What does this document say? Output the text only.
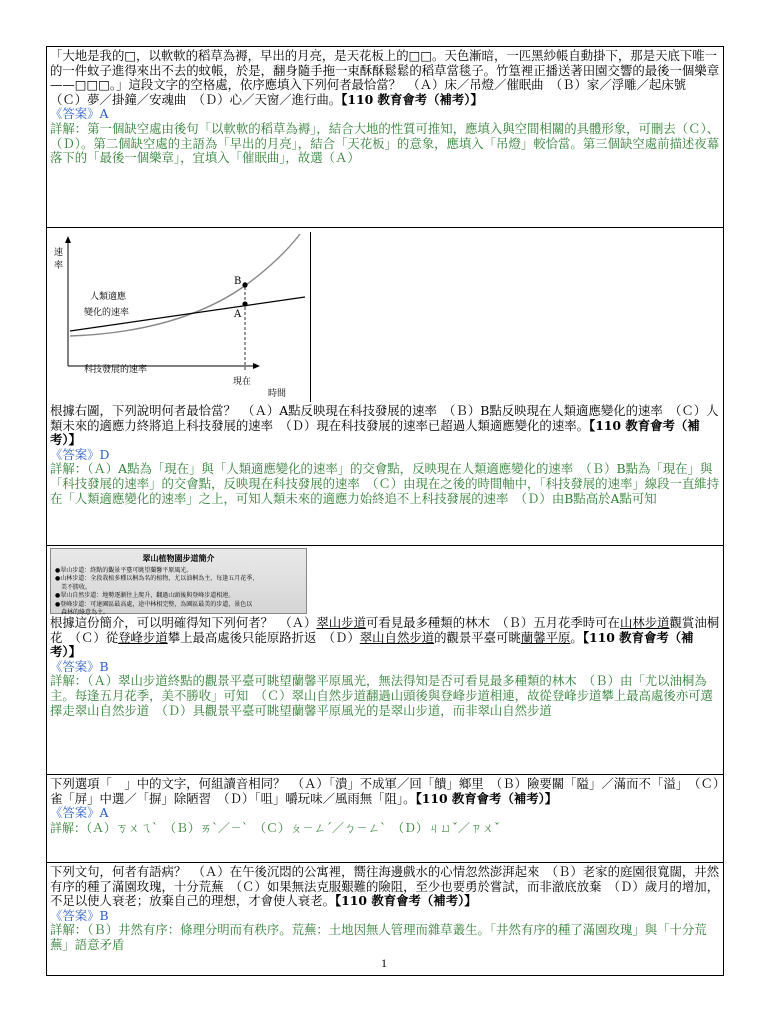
「大地是我的□，以軟軟的稻草為褥，早出的月亮，是天花板上的□□。天色漸暗，一匹黑紗帳自動掛下，那是天底下唯一的一件蚊子進得來出不去的蚊帳，於是，翻身隨手拖一束酥酥鬆鬆的稻草當毯子。竹篁裡正播送著田園交響的最後一個樂章——□□□。」這段文字的空格處，依序應填入下列何者最恰當？　（Ａ）床／吊燈／催眠曲　（Ｂ）家／浮雕／起床號　（Ｃ）夢／掛鐘／安魂曲　（Ｄ）心／天窗／進行曲。【110 教育會考（補考）】
《答案》A
詳解：第一個缺空處由後句「以軟軟的稻草為褥」，結合大地的性質可推知，應填入與空間相關的具體形象，可刪去（Ｃ）、（Ｄ）。第二個缺空處的主語為「早出的月亮」，結合「天花板」的意象，應填入「吊燈」較恰當。第三個缺空處前描述夜幕落下的「最後一個樂章」，宜填入「催眠曲」，故選（Ａ）
B
A
速
率
人類適應
變化的速率
科技發展的速率
時間
現在
根據右圖，下列說明何者最恰當？　（Ａ）A點反映現在科技發展的速率　（Ｂ）B點反映現在人類適應變化的速率　（Ｃ）人類未來的適應力終將追上科技發展的速率　（Ｄ）現在科技發展的速率已超過人類適應變化的速率。【110 教育會考（補考）】
《答案》D
詳解：（Ａ）A點為「現在」與「人類適應變化的速率」的交會點，反映現在人類適應變化的速率　（Ｂ）B點為「現在」與「科技發展的速率」的交會點，反映現在科技發展的速率　（Ｃ）由現在之後的時間軸中，「科技發展的速率」線段一直維持在「人類適應變化的速率」之上，可知人類未來的適應力始終追不上科技發展的速率　（Ｄ）由B點高於A點可知
翠山植物園步道簡介
●翠山步道：終點的觀景平臺可眺望蘭馨平原風光。
●山林步道：全段栽植多種以桐為名的植物，尤以油桐為主，每逢五月花季，
　美不勝收。
●翠山自然步道：地勢逐漸往上爬升，翻過山頭後與登峰步道相連。
●登峰步道：可達園區最高處，途中林相完整，為園區最美的步道，景色以
　森林的綠意為主。
根據這份簡介，可以明確得知下列何者？　（Ａ）翠山步道可看見最多種類的林木　（Ｂ）五月花季時可在山林步道觀賞油桐花　（Ｃ）從登峰步道攀上最高處後只能原路折返　（Ｄ）翠山自然步道的觀景平臺可眺蘭馨平原。【110 教育會考（補考）】
《答案》B
詳解：（Ａ）翠山步道終點的觀景平臺可眺望蘭馨平原風光，無法得知是否可看見最多種類的林木　（Ｂ）由「尤以油桐為主。每逢五月花季，美不勝收」可知　（Ｃ）翠山自然步道翻過山頭後與登峰步道相連，故從登峰步道攀上最高處後亦可選擇走翠山自然步道　（Ｄ）具觀景平臺可眺望蘭馨平原風光的是翠山步道，而非翠山自然步道
下列選項「　」中的文字，何組讀音相同？　（Ａ）「潰」不成軍／回「饋」鄉里　（Ｂ）險要關「隘」／滿而不「溢」　（Ｃ）雀「屏」中選／「摒」除陋習　（Ｄ）「咀」嚼玩味／風雨無「阻」。【110 教育會考（補考）】
《答案》A
詳解：（Ａ）ㄎㄨㄟˋ　（Ｂ）ㄞˋ／ㄧˋ　（Ｃ）ㄆㄧㄥˊ／ㄅㄧㄥˋ　（Ｄ）ㄐㄩˇ／ㄗㄨˇ
下列文句，何者有語病？　（Ａ）在午後沉悶的公寓裡，嚮往海邊戲水的心情忽然澎湃起來　（Ｂ）老家的庭園很寬闊，井然有序的種了滿園玫瑰，十分荒蕪　（Ｃ）如果無法克服艱難的險阻，至少也要勇於嘗試，而非澈底放棄　（Ｄ）歲月的增加，不足以使人衰老；放棄自己的理想，才會使人衰老。【110 教育會考（補考）】
《答案》B
詳解：（Ｂ）井然有序：條理分明而有秩序。荒蕪：土地因無人管理而雜草叢生。「井然有序的種了滿園玫瑰」與「十分荒蕪」語意矛盾
1
